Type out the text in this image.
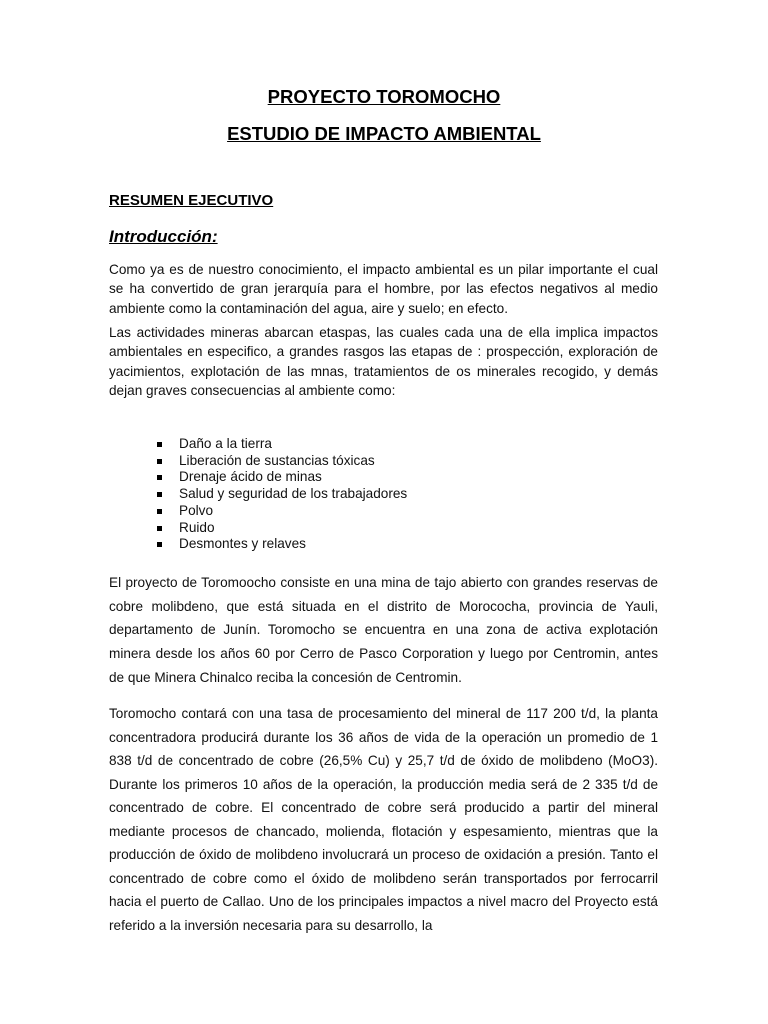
PROYECTO TOROMOCHO
ESTUDIO DE IMPACTO AMBIENTAL
RESUMEN EJECUTIVO
Introducción:

Como ya es de nuestro conocimiento, el impacto ambiental es un pilar importante el cual se ha convertido de gran jerarquía para el hombre, por las efectos negativos al medio ambiente como la contaminación del agua, aire y suelo; en efecto.

Las actividades mineras abarcan etaspas, las cuales cada una de ella implica impactos ambientales en especifico, a grandes rasgos las etapas de : prospección, exploración de yacimientos, explotación de las mnas, tratamientos de os minerales recogido, y demás dejan graves consecuencias al ambiente como:

Daño a la tierra
Liberación de sustancias tóxicas
Drenaje ácido de minas
Salud y seguridad de los trabajadores
Polvo
Ruido
Desmontes y relaves

El proyecto de Toromoocho consiste en una mina de tajo abierto con grandes reservas de cobre molibdeno, que está situada en el distrito de Morococha, provincia de Yauli, departamento de Junín. Toromocho se encuentra en una zona de activa explotación minera desde los años 60 por Cerro de Pasco Corporation y luego por Centromin, antes de que Minera Chinalco reciba la concesión de Centromin.

Toromocho contará con una tasa de procesamiento del mineral de 117 200 t/d, la planta concentradora producirá durante los 36 años de vida de la operación un promedio de 1 838 t/d de concentrado de cobre (26,5% Cu) y 25,7 t/d de óxido de molibdeno (MoO3). Durante los primeros 10 años de la operación, la producción media será de 2 335 t/d de concentrado de cobre. El concentrado de cobre será producido a partir del mineral mediante procesos de chancado, molienda, flotación y espesamiento, mientras que la producción de óxido de molibdeno involucrará un proceso de oxidación a presión. Tanto el concentrado de cobre como el óxido de molibdeno serán transportados por ferrocarril hacia el puerto de Callao. Uno de los principales impactos a nivel macro del Proyecto está referido a la inversión necesaria para su desarrollo, la
